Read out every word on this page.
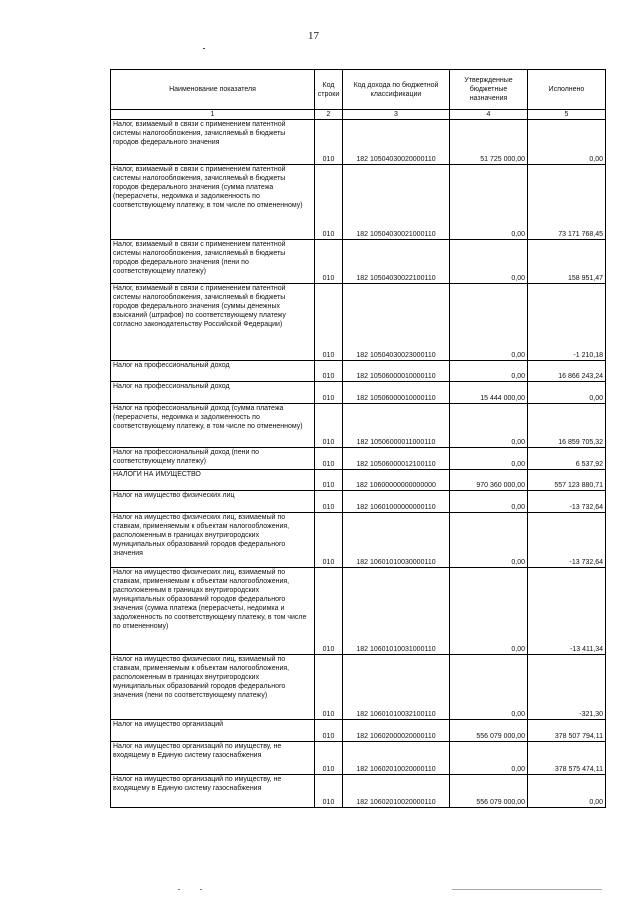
17
Наименование показателя	Код строки	Код дохода по бюджетной классификации	Утвержденные бюджетные назначения	Исполнено
1	2	3	4	5
Налог, взимаемый в связи с применением патентной системы налогообложения, зачисляемый в бюджеты городов федерального значения	010	182 10504030020000110	51 725 000,00	0,00
Налог, взимаемый в связи с применением патентной системы налогообложения, зачисляемый в бюджеты городов федерального значения (сумма платежа (перерасчеты, недоимка и задолженность по соответствующему платежу, в том числе по отмененному)	010	182 10504030021000110	0,00	73 171 768,45
Налог, взимаемый в связи с применением патентной системы налогообложения, зачисляемый в бюджеты городов федерального значения (пени по соответствующему платежу)	010	182 10504030022100110	0,00	158 951,47
Налог, взимаемый в связи с применением патентной системы налогообложения, зачисляемый в бюджеты городов федерального значения (суммы денежных взысканий (штрафов) по соответствующему платежу согласно законодательству Российской Федерации)	010	182 10504030023000110	0,00	-1 210,18
Налог на профессиональный доход	010	182 10506000010000110	0,00	16 866 243,24
Налог на профессиональный доход	010	182 10506000010000110	15 444 000,00	0,00
Налог на профессиональный доход (сумма платежа (перерасчеты, недоимка и задолженность по соответствующему платежу, в том числе по отмененному)	010	182 10506000011000110	0,00	16 859 705,32
Налог на профессиональный доход (пени по соответствующему платежу)	010	182 10506000012100110	0,00	6 537,92
НАЛОГИ НА ИМУЩЕСТВО	010	182 10600000000000000	970 360 000,00	557 123 880,71
Налог на имущество физических лиц	010	182 10601000000000110	0,00	-13 732,64
Налог на имущество физических лиц, взимаемый по ставкам, применяемым к объектам налогообложения, расположенным в границах внутригородских муниципальных образований городов федерального значения	010	182 10601010030000110	0,00	-13 732,64
Налог на имущество физических лиц, взимаемый по ставкам, применяемым к объектам налогообложения, расположенным в границах внутригородских муниципальных образований городов федерального значения (сумма платежа (перерасчеты, недоимка и задолженность по соответствующему платежу, в том числе по отмененному)	010	182 10601010031000110	0,00	-13 411,34
Налог на имущество физических лиц, взимаемый по ставкам, применяемым к объектам налогообложения, расположенным в границах внутригородских муниципальных образований городов федерального значения (пени по соответствующему платежу)	010	182 10601010032100110	0,00	-321,30
Налог на имущество организаций	010	182 10602000020000110	556 079 000,00	378 507 794,11
Налог на имущество организаций по имуществу, не входящему в Единую систему газоснабжения	010	182 10602010020000110	0,00	378 575 474,11
Налог на имущество организаций по имуществу, не входящему в Единую систему газоснабжения	010	182 10602010020000110	556 079 000,00	0,00
